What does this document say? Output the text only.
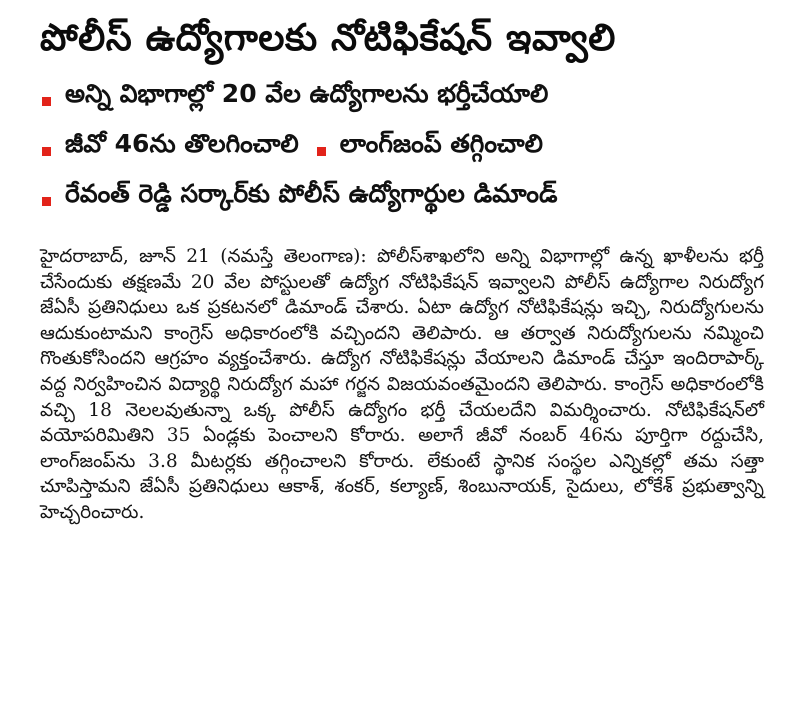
పోలీస్ ఉద్యోగాలకు నోటిఫికేషన్ ఇవ్వాలి
అన్ని విభాగాల్లో 20 వేల ఉద్యోగాలను భర్తీచేయాలి
జీవో 46ను తొలగించాలి లాంగ్‌జంప్ తగ్గించాలి
రేవంత్ రెడ్డి సర్కార్‌కు పోలీస్ ఉద్యోగార్థుల డిమాండ్

హైదరాబాద్, జూన్ 21 (నమస్తే తెలంగాణ): పోలీస్‌శాఖలోని అన్ని విభాగాల్లో ఉన్న ఖాళీలను భర్తీ చేసేందుకు తక్షణమే 20 వేల పోస్టులతో ఉద్యోగ నోటిఫికేషన్ ఇవ్వాలని పోలీస్ ఉద్యోగాల నిరుద్యోగ జేఏసీ ప్రతినిధులు ఒక ప్రకటనలో డిమాండ్ చేశారు. ఏటా ఉద్యోగ నోటిఫికేషన్లు ఇచ్చి, నిరుద్యోగులను ఆదుకుంటామని కాంగ్రెస్ అధికారంలోకి వచ్చిందని తెలిపారు. ఆ తర్వాత నిరుద్యోగులను నమ్మించి గొంతుకోసిందని ఆగ్రహం వ్యక్తంచేశారు. ఉద్యోగ నోటిఫికేషన్లు వేయాలని డిమాండ్ చేస్తూ ఇందిరాపార్క్ వద్ద నిర్వహించిన విద్యార్థి నిరుద్యోగ మహా గర్జన విజయవంతమైందని తెలిపారు. కాంగ్రెస్ అధికారంలోకి వచ్చి 18 నెలలవుతున్నా ఒక్క పోలీస్ ఉద్యోగం భర్తీ చేయలదేని విమర్శించారు. నోటిఫికేషన్‌లో వయోపరిమితిని 35 ఏండ్లకు పెంచాలని కోరారు. అలాగే జీవో నంబర్ 46ను పూర్తిగా రద్దుచేసి, లాంగ్‌జంప్‌ను 3.8 మీటర్లకు తగ్గించాలని కోరారు. లేకుంటే స్థానిక సంస్థల ఎన్నికల్లో తమ సత్తా చూపిస్తామని జేఏసీ ప్రతినిధులు ఆకాశ్, శంకర్, కల్యాణ్, శింబునాయక్, సైదులు, లోకేశ్ ప్రభుత్వాన్ని హెచ్చరించారు.
